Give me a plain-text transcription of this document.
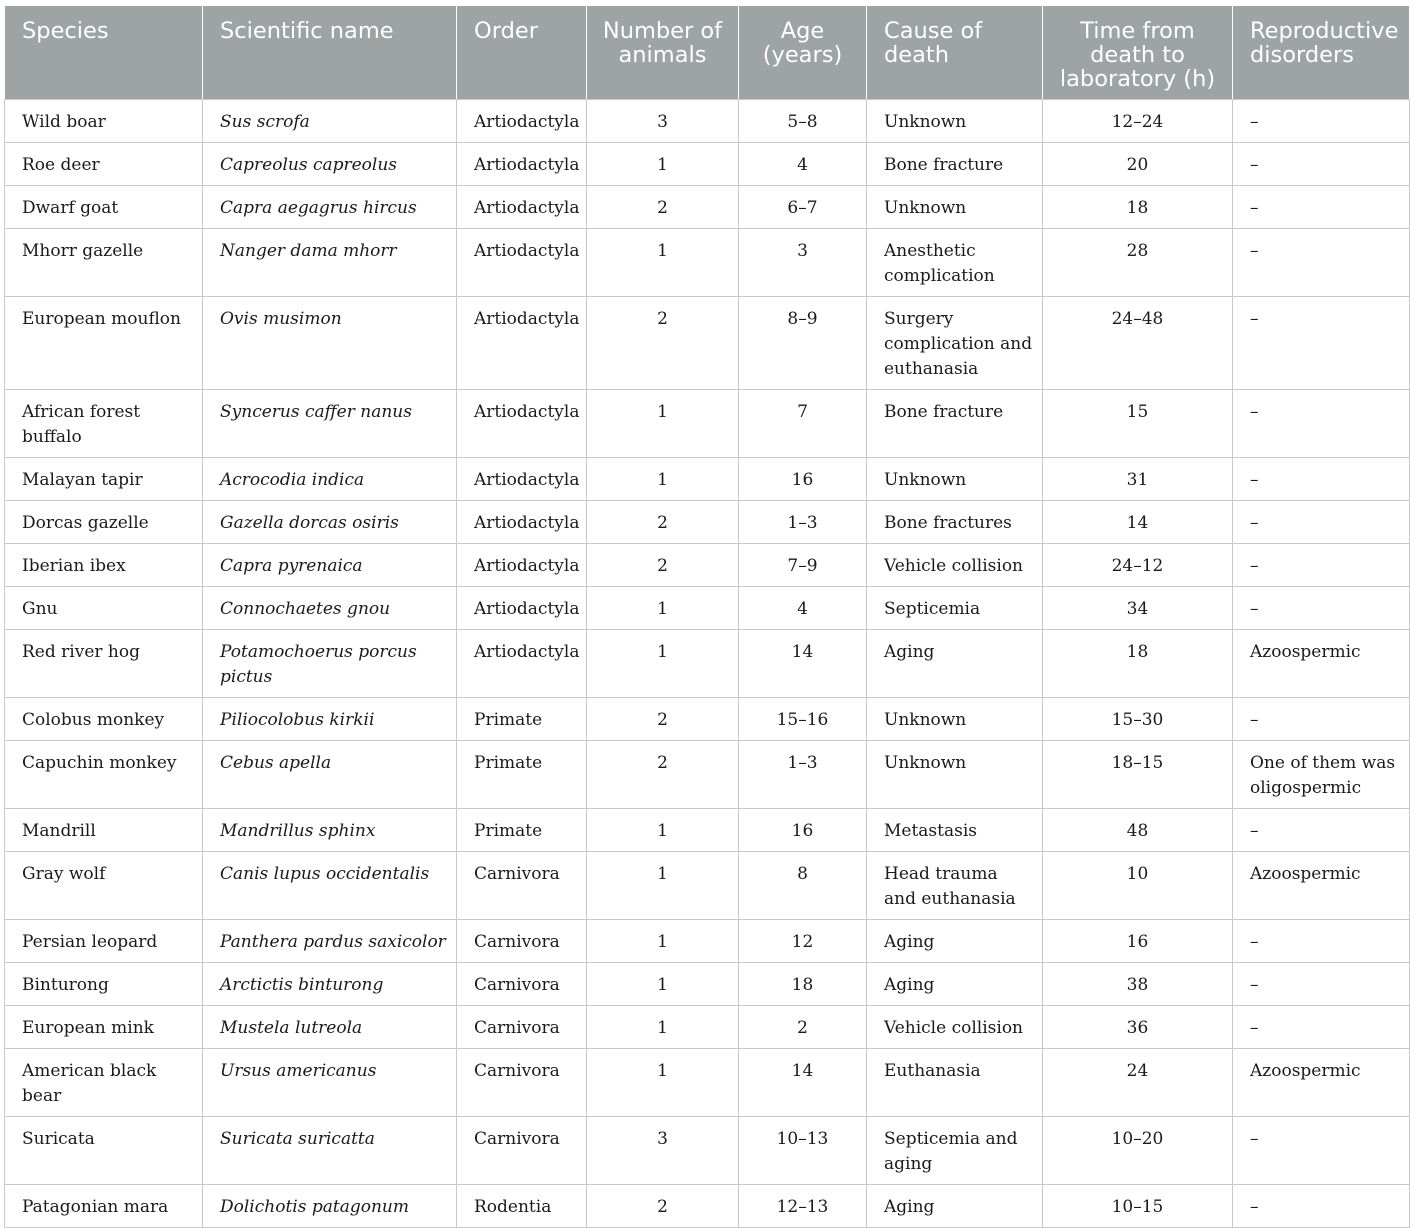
Species	Scientific name	Order	Number of animals	Age (years)	Cause of death	Time from death to laboratory (h)	Reproductive disorders
Wild boar	Sus scrofa	Artiodactyla	3	5–8	Unknown	12–24	–
Roe deer	Capreolus capreolus	Artiodactyla	1	4	Bone fracture	20	–
Dwarf goat	Capra aegagrus hircus	Artiodactyla	2	6–7	Unknown	18	–
Mhorr gazelle	Nanger dama mhorr	Artiodactyla	1	3	Anesthetic complication	28	–
European mouflon	Ovis musimon	Artiodactyla	2	8–9	Surgery complication and euthanasia	24–48	–
African forest buffalo	Syncerus caffer nanus	Artiodactyla	1	7	Bone fracture	15	–
Malayan tapir	Acrocodia indica	Artiodactyla	1	16	Unknown	31	–
Dorcas gazelle	Gazella dorcas osiris	Artiodactyla	2	1–3	Bone fractures	14	–
Iberian ibex	Capra pyrenaica	Artiodactyla	2	7–9	Vehicle collision	24–12	–
Gnu	Connochaetes gnou	Artiodactyla	1	4	Septicemia	34	–
Red river hog	Potamochoerus porcus pictus	Artiodactyla	1	14	Aging	18	Azoospermic
Colobus monkey	Piliocolobus kirkii	Primate	2	15–16	Unknown	15–30	–
Capuchin monkey	Cebus apella	Primate	2	1–3	Unknown	18–15	One of them was oligospermic
Mandrill	Mandrillus sphinx	Primate	1	16	Metastasis	48	–
Gray wolf	Canis lupus occidentalis	Carnivora	1	8	Head trauma and euthanasia	10	Azoospermic
Persian leopard	Panthera pardus saxicolor	Carnivora	1	12	Aging	16	–
Binturong	Arctictis binturong	Carnivora	1	18	Aging	38	–
European mink	Mustela lutreola	Carnivora	1	2	Vehicle collision	36	–
American black bear	Ursus americanus	Carnivora	1	14	Euthanasia	24	Azoospermic
Suricata	Suricata suricatta	Carnivora	3	10–13	Septicemia and aging	10–20	–
Patagonian mara	Dolichotis patagonum	Rodentia	2	12–13	Aging	10–15	–
